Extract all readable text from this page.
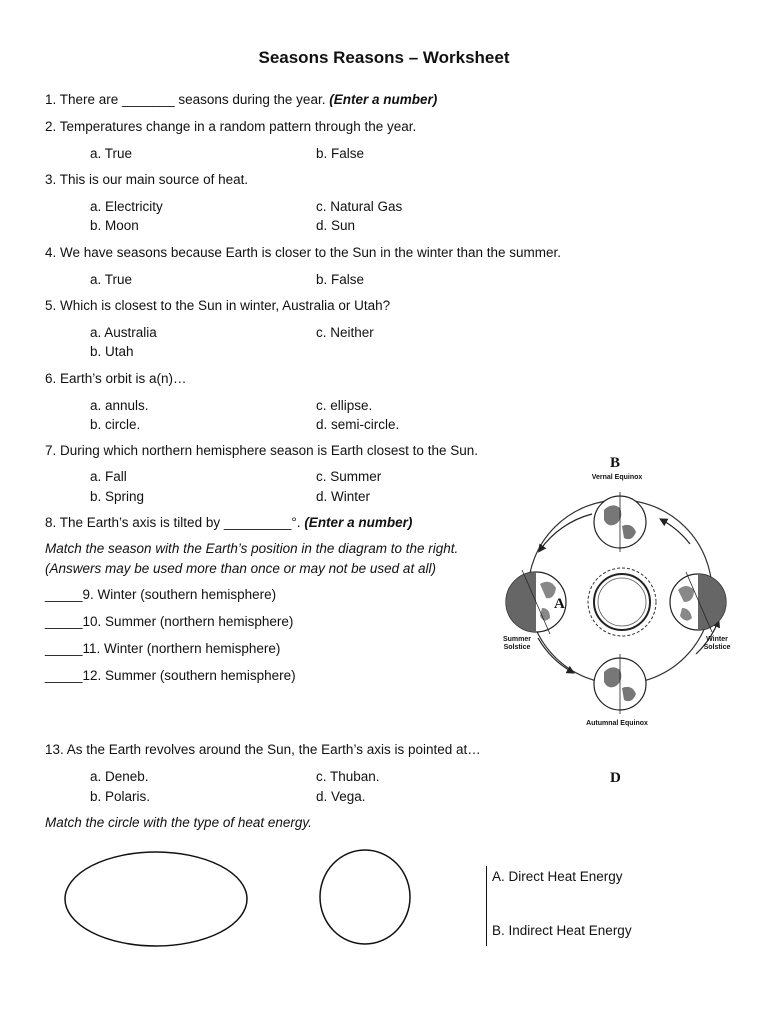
Seasons Reasons – Worksheet
1. There are _______ seasons during the year. (Enter a number)
2. Temperatures change in a random pattern through the year.
a. True	b. False
3. This is our main source of heat.
a. Electricity	c. Natural Gas
b. Moon	d. Sun
4. We have seasons because Earth is closer to the Sun in the winter than the summer.
a. True	b. False
5. Which is closest to the Sun in winter, Australia or Utah?
a. Australia	c. Neither
b. Utah
6. Earth’s orbit is a(n)…
a. annuls.	c. ellipse.
b. circle.	d. semi-circle.
7. During which northern hemisphere season is Earth closest to the Sun.
a. Fall	c. Summer
b. Spring	d. Winter
8. The Earth’s axis is tilted by _________°. (Enter a number)
Match the season with the Earth’s position in the diagram to the right.
(Answers may be used more than once or may not be used at all)
_____9. Winter (southern hemisphere)
_____10. Summer (northern hemisphere)
_____11. Winter (northern hemisphere)
_____12. Summer (southern hemisphere)
13. As the Earth revolves around the Sun, the Earth’s axis is pointed at…
a. Deneb.	c. Thuban.
b. Polaris.	d. Vega.
Match the circle with the type of heat energy.
A. Direct Heat Energy
B. Indirect Heat Energy
B
Vernal Equinox
A
Summer Solstice
Winter Solstice
Autumnal Equinox
D
